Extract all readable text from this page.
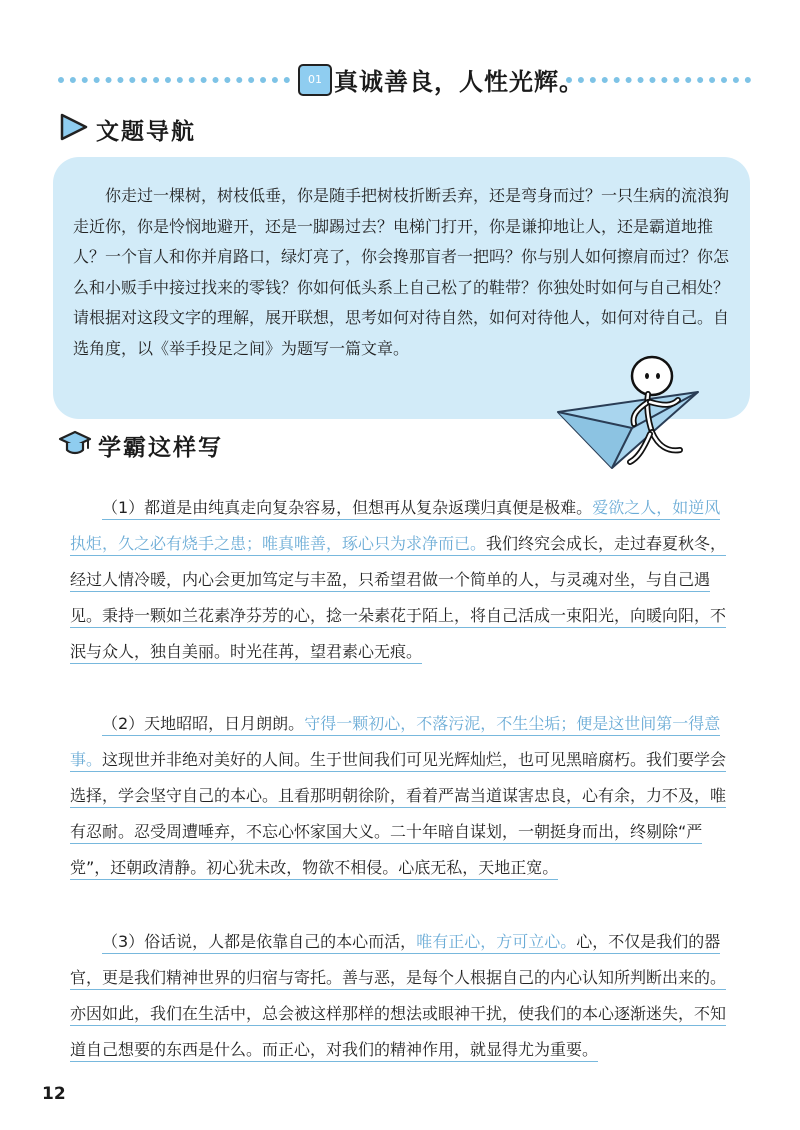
01 真诚善良，人性光辉。
文题导航

你走过一棵树，树枝低垂，你是随手把树枝折断丢弃，还是弯身而过？一只生病的流浪狗走近你，你是怜悯地避开，还是一脚踢过去？电梯门打开，你是谦抑地让人，还是霸道地推人？一个盲人和你并肩路口，绿灯亮了，你会搀那盲者一把吗？你与别人如何擦肩而过？你怎么和小贩手中接过找来的零钱？你如何低头系上自己松了的鞋带？你独处时如何与自己相处？ 请根据对这段文字的理解，展开联想，思考如何对待自然，如何对待他人，如何对待自己。自选角度，以《举手投足之间》为题写一篇文章。

学霸这样写

（1）都道是由纯真走向复杂容易，但想再从复杂返璞归真便是极难。爱欲之人，如逆风执炬，久之必有烧手之患；唯真唯善，琢心只为求净而已。我们终究会成长，走过春夏秋冬，经过人情冷暖，内心会更加笃定与丰盈，只希望君做一个简单的人，与灵魂对坐，与自己遇见。秉持一颗如兰花素净芬芳的心，捻一朵素花于陌上，将自己活成一束阳光，向暖向阳，不泯与众人，独自美丽。时光荏苒，望君素心无痕。

（2）天地昭昭，日月朗朗。守得一颗初心，不落污泥，不生尘垢；便是这世间第一得意事。这现世并非绝对美好的人间。生于世间我们可见光辉灿烂，也可见黑暗腐朽。我们要学会选择，学会坚守自己的本心。且看那明朝徐阶，看着严嵩当道谋害忠良，心有余，力不及，唯有忍耐。忍受周遭唾弃，不忘心怀家国大义。二十年暗自谋划，一朝挺身而出，终剔除“严党”，还朝政清静。初心犹未改，物欲不相侵。心底无私，天地正宽。

（3）俗话说，人都是依靠自己的本心而活，唯有正心，方可立心。心，不仅是我们的器官，更是我们精神世界的归宿与寄托。善与恶，是每个人根据自己的内心认知所判断出来的。亦因如此，我们在生活中，总会被这样那样的想法或眼神干扰，使我们的本心逐渐迷失，不知道自己想要的东西是什么。而正心，对我们的精神作用，就显得尤为重要。

12
